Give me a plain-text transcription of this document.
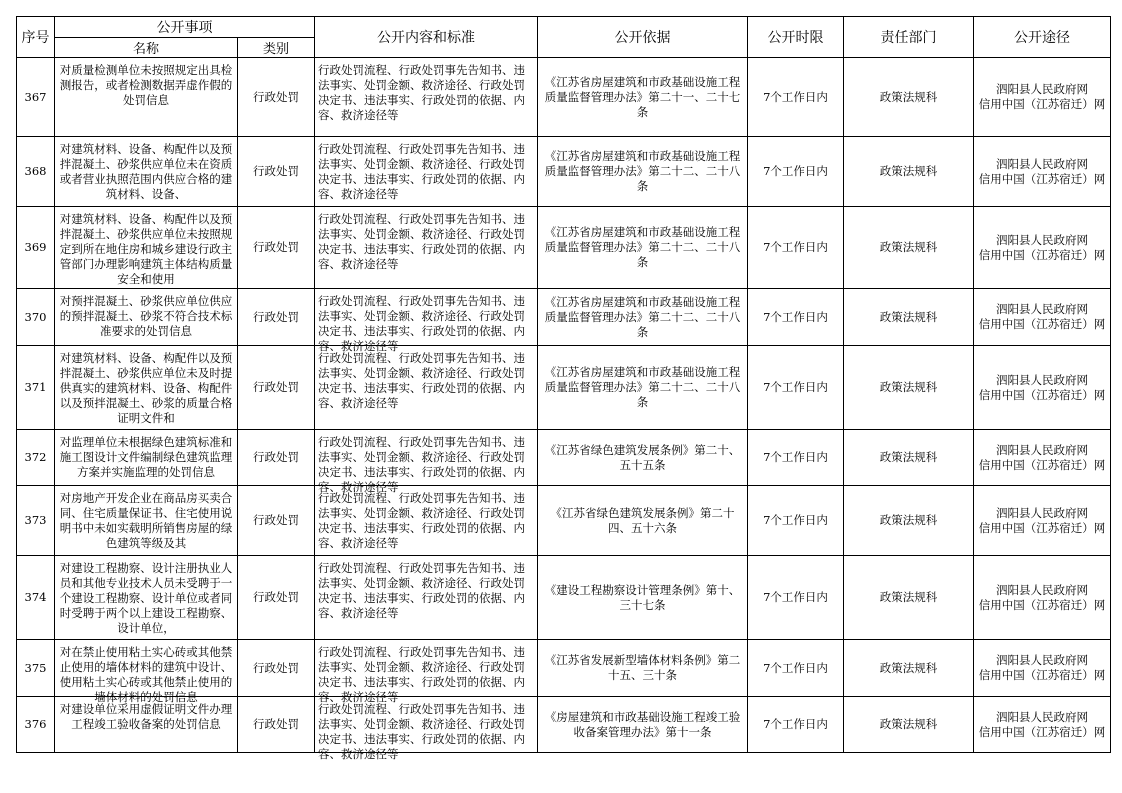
序号	公开事项		公开内容和标准	公开依据	公开时限	责任部门	公开途径
	名称	类别					
367	对质量检测单位未按照规定出具检测报告，或者检测数据弄虚作假的处罚信息	行政处罚	行政处罚流程、行政处罚事先告知书、违法事实、处罚金额、救济途径、行政处罚决定书、违法事实、行政处罚的依据、内容、救济途径等	《江苏省房屋建筑和市政基础设施工程质量监督管理办法》第二十一、二十七条	7个工作日内	政策法规科	泗阳县人民政府网
信用中国（江苏宿迁）网

368	对建筑材料、设备、构配件以及预拌混凝土、砂浆供应单位未在资质或者营业执照范围内供应合格的建筑材料、设备、	行政处罚	行政处罚流程、行政处罚事先告知书、违法事实、处罚金额、救济途径、行政处罚决定书、违法事实、行政处罚的依据、内容、救济途径等	《江苏省房屋建筑和市政基础设施工程质量监督管理办法》第二十二、二十八条	7个工作日内	政策法规科	泗阳县人民政府网
信用中国（江苏宿迁）网

369	对建筑材料、设备、构配件以及预拌混凝土、砂浆供应单位未按照规定到所在地住房和城乡建设行政主管部门办理影响建筑主体结构质量安全和使用	行政处罚	行政处罚流程、行政处罚事先告知书、违法事实、处罚金额、救济途径、行政处罚决定书、违法事实、行政处罚的依据、内容、救济途径等	《江苏省房屋建筑和市政基础设施工程质量监督管理办法》第二十二、二十八条	7个工作日内	政策法规科	泗阳县人民政府网
信用中国（江苏宿迁）网

370	对预拌混凝土、砂浆供应单位供应的预拌混凝土、砂浆不符合技术标准要求的处罚信息	行政处罚	行政处罚流程、行政处罚事先告知书、违法事实、处罚金额、救济途径、行政处罚决定书、违法事实、行政处罚的依据、内容、救济途径等	《江苏省房屋建筑和市政基础设施工程质量监督管理办法》第二十二、二十八条	7个工作日内	政策法规科	泗阳县人民政府网
信用中国（江苏宿迁）网

371	对建筑材料、设备、构配件以及预拌混凝土、砂浆供应单位未及时提供真实的建筑材料、设备、构配件以及预拌混凝土、砂浆的质量合格证明文件和	行政处罚	行政处罚流程、行政处罚事先告知书、违法事实、处罚金额、救济途径、行政处罚决定书、违法事实、行政处罚的依据、内容、救济途径等	《江苏省房屋建筑和市政基础设施工程质量监督管理办法》第二十二、二十八条	7个工作日内	政策法规科	泗阳县人民政府网
信用中国（江苏宿迁）网

372	对监理单位未根据绿色建筑标准和施工图设计文件编制绿色建筑监理方案并实施监理的处罚信息	行政处罚	行政处罚流程、行政处罚事先告知书、违法事实、处罚金额、救济途径、行政处罚决定书、违法事实、行政处罚的依据、内容、救济途径等	《江苏省绿色建筑发展条例》第二十、五十五条	7个工作日内	政策法规科	泗阳县人民政府网
信用中国（江苏宿迁）网

373	对房地产开发企业在商品房买卖合同、住宅质量保证书、住宅使用说明书中未如实载明所销售房屋的绿色建筑等级及其	行政处罚	行政处罚流程、行政处罚事先告知书、违法事实、处罚金额、救济途径、行政处罚决定书、违法事实、行政处罚的依据、内容、救济途径等	《江苏省绿色建筑发展条例》第二十四、五十六条	7个工作日内	政策法规科	泗阳县人民政府网
信用中国（江苏宿迁）网

374	对建设工程勘察、设计注册执业人员和其他专业技术人员未受聘于一个建设工程勘察、设计单位或者同时受聘于两个以上建设工程勘察、设计单位，	行政处罚	行政处罚流程、行政处罚事先告知书、违法事实、处罚金额、救济途径、行政处罚决定书、违法事实、行政处罚的依据、内容、救济途径等	《建设工程勘察设计管理条例》第十、三十七条	7个工作日内	政策法规科	泗阳县人民政府网
信用中国（江苏宿迁）网

375	对在禁止使用粘土实心砖或其他禁止使用的墙体材料的建筑中设计、使用粘土实心砖或其他禁止使用的墙体材料的处罚信息	行政处罚	行政处罚流程、行政处罚事先告知书、违法事实、处罚金额、救济途径、行政处罚决定书、违法事实、行政处罚的依据、内容、救济途径等	《江苏省发展新型墙体材料条例》第二十五、三十条	7个工作日内	政策法规科	泗阳县人民政府网
信用中国（江苏宿迁）网

376	对建设单位采用虚假证明文件办理工程竣工验收备案的处罚信息	行政处罚	行政处罚流程、行政处罚事先告知书、违法事实、处罚金额、救济途径、行政处罚决定书、违法事实、行政处罚的依据、内容、救济途径等	《房屋建筑和市政基础设施工程竣工验收备案管理办法》第十一条	7个工作日内	政策法规科	泗阳县人民政府网
信用中国（江苏宿迁）网
